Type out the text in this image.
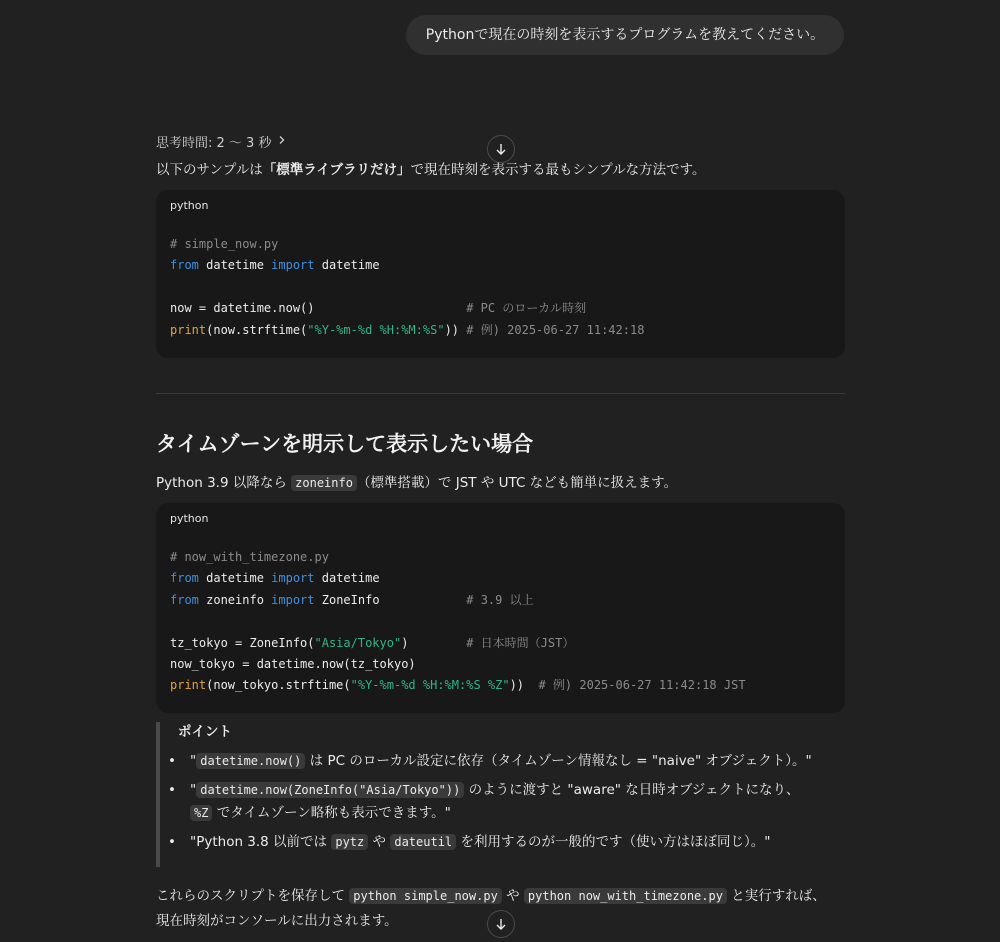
Pythonで現在の時刻を表示するプログラムを教えてください。
思考時間: 2 〜 3 秒
以下のサンプルは「標準ライブラリだけ」で現在時刻を表示する最もシンプルな方法です。
python
# simple_now.py
from datetime import datetime

now = datetime.now()	# PC のローカル時刻
print(now.strftime("%Y-%m-%d %H:%M:%S")) # 例) 2025-06-27 11:42:18
タイムゾーンを明示して表示したい場合
Python 3.9 以降なら zoneinfo （標準搭載）で JST や UTC なども簡単に扱えます。
python
# now_with_timezone.py
from datetime import datetime
from zoneinfo import ZoneInfo	# 3.9 以上

tz_tokyo = ZoneInfo("Asia/Tokyo")	# 日本時間（JST）
now_tokyo = datetime.now(tz_tokyo)
print(now_tokyo.strftime("%Y-%m-%d %H:%M:%S %Z"))  # 例) 2025-06-27 11:42:18 JST
ポイント
• " datetime.now() は PC のローカル設定に依存（タイムゾーン情報なし = "naive" オブジェクト）。"
• " datetime.now(ZoneInfo("Asia/Tokyo")) のように渡すと "aware" な日時オブジェクトになり、
%Z でタイムゾーン略称も表示できます。"
• "Python 3.8 以前では pytz や dateutil を利用するのが一般的です（使い方はほぼ同じ）。"
これらのスクリプトを保存して python simple_now.py や python now_with_timezone.py と実行すれば、現在時刻がコンソールに出力されます。
